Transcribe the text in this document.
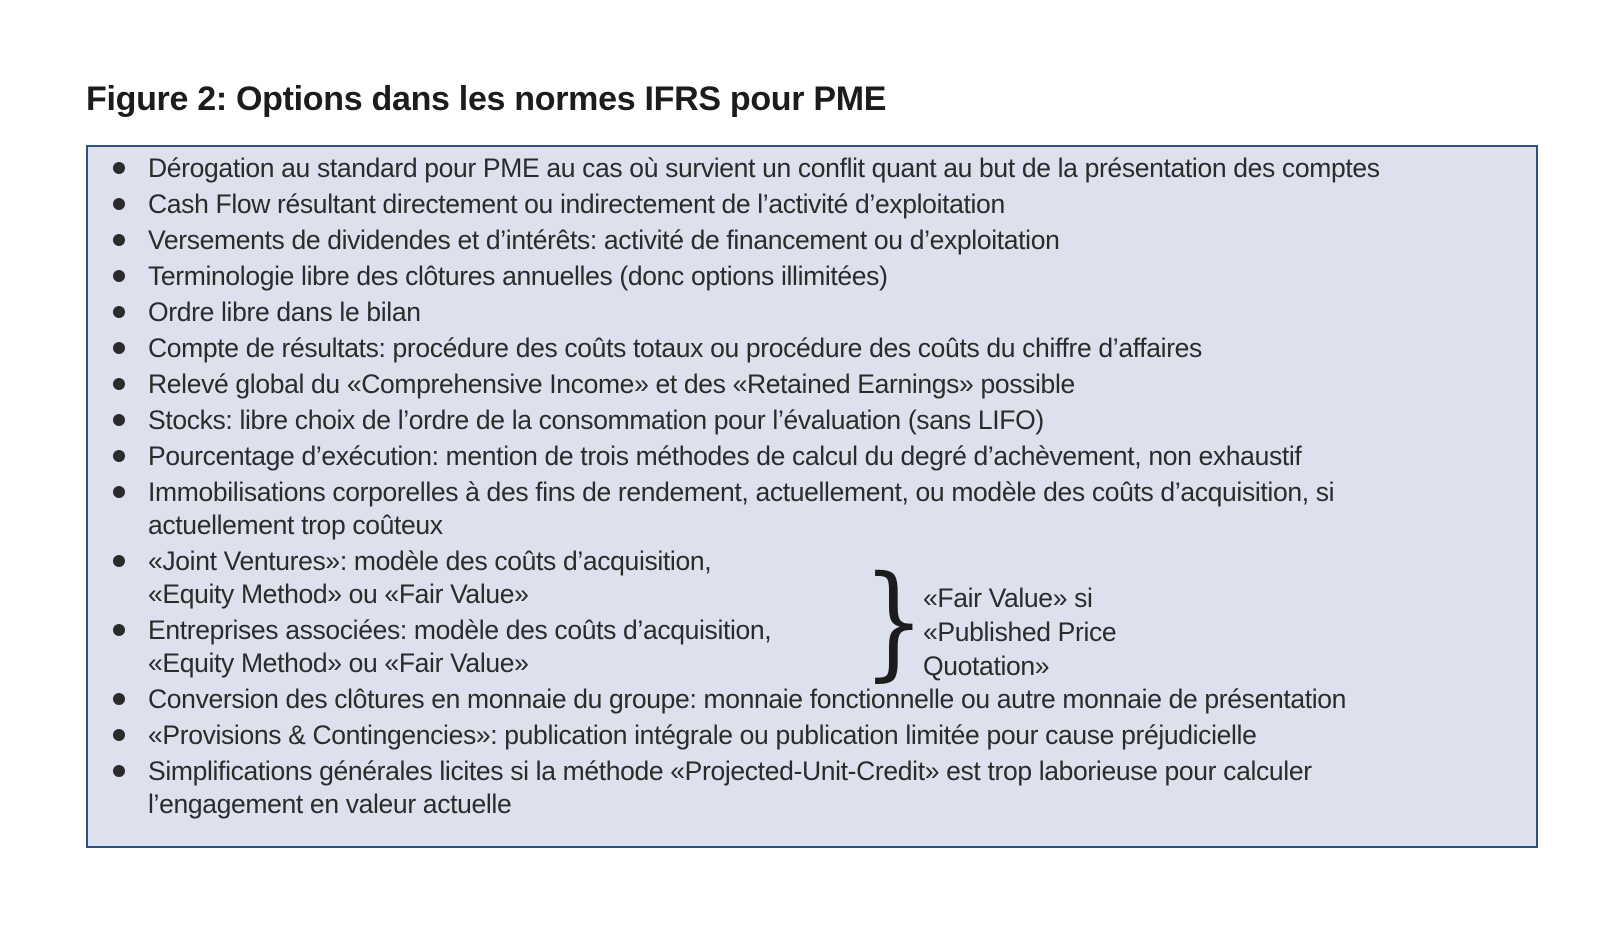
Figure 2: Options dans les normes IFRS pour PME
Dérogation au standard pour PME au cas où survient un conflit quant au but de la présentation des comptes
Cash Flow résultant directement ou indirectement de l’activité d’exploitation
Versements de dividendes et d’intérêts: activité de financement ou d’exploitation
Terminologie libre des clôtures annuelles (donc options illimitées)
Ordre libre dans le bilan
Compte de résultats: procédure des coûts totaux ou procédure des coûts du chiffre d’affaires
Relevé global du «Comprehensive Income» et des «Retained Earnings» possible
Stocks: libre choix de l’ordre de la consommation pour l’évaluation (sans LIFO)
Pourcentage d’exécution: mention de trois méthodes de calcul du degré d’achèvement, non exhaustif
Immobilisations corporelles à des fins de rendement, actuellement, ou modèle des coûts d’acquisition, si
actuellement trop coûteux
«Joint Ventures»: modèle des coûts d’acquisition,
«Equity Method» ou «Fair Value»
Entreprises associées: modèle des coûts d’acquisition,
«Equity Method» ou «Fair Value»
Conversion des clôtures en monnaie du groupe: monnaie fonctionnelle ou autre monnaie de présentation
«Provisions & Contingencies»: publication intégrale ou publication limitée pour cause préjudicielle
Simplifications générales licites si la méthode «Projected-Unit-Credit» est trop laborieuse pour calculer
l’engagement en valeur actuelle
}
«Fair Value» si
«Published Price
Quotation»
